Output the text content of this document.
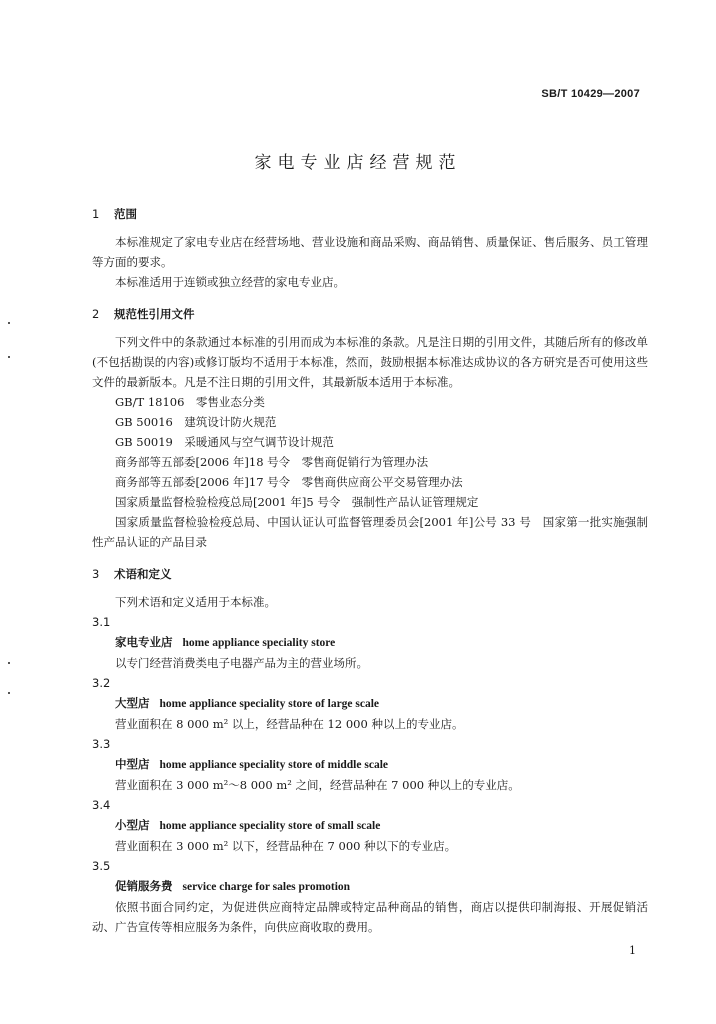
SB/T 10429—2007
家电专业店经营规范
1 范围

本标准规定了家电专业店在经营场地、营业设施和商品采购、商品销售、质量保证、售后服务、员工管理等方面的要求。

本标准适用于连锁或独立经营的家电专业店。

2 规范性引用文件

下列文件中的条款通过本标准的引用而成为本标准的条款。凡是注日期的引用文件，其随后所有的修改单(不包括勘误的内容)或修订版均不适用于本标准，然而，鼓励根据本标准达成协议的各方研究是否可使用这些文件的最新版本。凡是不注日期的引用文件，其最新版本适用于本标准。

GB/T 18106　零售业态分类

GB 50016　建筑设计防火规范

GB 50019　采暖通风与空气调节设计规范

商务部等五部委[2006 年]18 号令　零售商促销行为管理办法

商务部等五部委[2006 年]17 号令　零售商供应商公平交易管理办法

国家质量监督检验检疫总局[2001 年]5 号令　强制性产品认证管理规定

国家质量监督检验检疫总局、中国认证认可监督管理委员会[2001 年]公号 33 号　国家第一批实施强制性产品认证的产品目录

3 术语和定义

下列术语和定义适用于本标准。

3.1

家电专业店 home appliance speciality store

以专门经营消费类电子电器产品为主的营业场所。

3.2

大型店 home appliance speciality store of large scale

营业面积在 8 000 m² 以上，经营品种在 12 000 种以上的专业店。

3.3

中型店 home appliance speciality store of middle scale

营业面积在 3 000 m²～8 000 m² 之间，经营品种在 7 000 种以上的专业店。

3.4

小型店 home appliance speciality store of small scale

营业面积在 3 000 m² 以下，经营品种在 7 000 种以下的专业店。

3.5

促销服务费 service charge for sales promotion

依照书面合同约定，为促进供应商特定品牌或特定品种商品的销售，商店以提供印制海报、开展促销活动、广告宣传等相应服务为条件，向供应商收取的费用。

1
